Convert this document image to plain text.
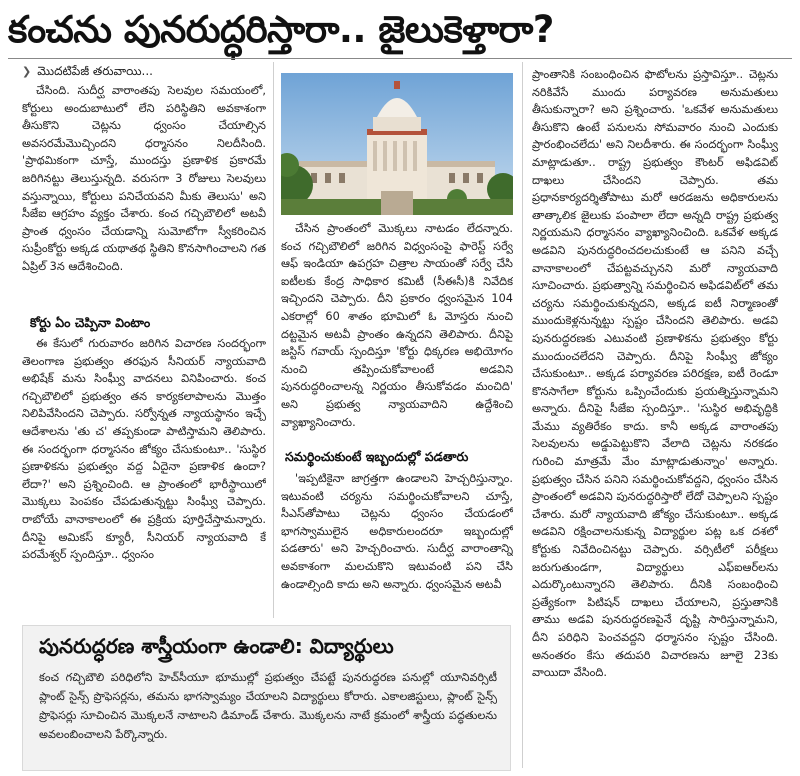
కంచను పునరుద్ధరిస్తారా.. జైలుకెళ్తారా?
❯ మొదటిపేజీ తరువాయి...

చేసింది. సుదీర్ఘ వారాంతపు సెలవుల సమయంలో, కోర్టులు అందుబాటులో లేని పరిస్థితిని అవకాశంగా తీసుకొని చెట్లను ధ్వంసం చేయాల్సిన అవసరమేమొచ్చిందని ధర్మాసనం నిలదీసింది. 'ప్రాథమికంగా చూస్తే, ముందస్తు ప్రణాళిక ప్రకారమే జరిగినట్టు తెలుస్తున్నది. వరుసగా 3 రోజులు సెలవులు వస్తున్నాయి, కోర్టులు పనిచేయవని మీకు తెలుసు' అని సీజేఐ ఆగ్రహం వ్యక్తం చేశారు. కంచ గచ్చిబౌలిలో అటవీ ప్రాంత ధ్వంసం చేయడాన్ని సుమోటోగా స్వీకరించిన సుప్రీంకోర్టు అక్కడ యథాతథ స్థితిని కొనసాగించాలని గత ఏప్రిల్ 3న ఆదేశించింది.

కోర్టు ఏం చెప్పినా వింటాం

ఈ కేసులో గురువారం జరిగిన విచారణ సందర్భంగా తెలంగాణ ప్రభుత్వం తరఫున సీనియర్ న్యాయవాది అభిషేక్ మను సింఘ్వీ వాదనలు వినిపించారు. కంచ గచ్చిబౌలిలో ప్రభుత్వం తన కార్యకలాపాలను మొత్తం నిలిపివేసిందని చెప్పారు. సర్వోన్నత న్యాయస్థానం ఇచ్చే ఆదేశాలను 'తు చ' తప్పకుండా పాటిస్తామని తెలిపారు. ఈ సందర్భంగా ధర్మాసనం జోక్యం చేసుకుంటూ.. 'సుస్థిర ప్రణాళికను ప్రభుత్వం వద్ద ఏదైనా ప్రణాళిక ఉందా? లేదా?' అని ప్రశ్నించింది. ఆ ప్రాంతంలో భారీస్థాయిలో మొక్కలు పెంపకం చేపడుతున్నట్టు సింఘ్వీ చెప్పారు. రాబోయే వానాకాలంలో ఈ ప్రక్రియ పూర్తిచేస్తామన్నారు. దీనిపై అమికస్ క్యూరీ, సీనియర్ న్యాయవాది కే పరమేశ్వర్ స్పందిస్తూ.. ధ్వంసం

చేసిన ప్రాంతంలో మొక్కలు నాటడం లేదన్నారు. కంచ గచ్చిబౌలిలో జరిగిన విధ్వంసంపై ఫారెస్ట్ సర్వే ఆఫ్ ఇండియా ఉపగ్రహ చిత్రాల సాయంతో సర్వే చేసి ఐటీలకు కేంద్ర సాధికార కమిటీ (సీఈసీ)కి నివేదిక ఇచ్చిందని చెప్పారు. దీని ప్రకారం ధ్వంసమైన 104 ఎకరాల్లో 60 శాతం భూమిలో ఓ మోస్తరు నుంచి దట్టమైన అటవీ ప్రాంతం ఉన్నదని తెలిపారు. దీనిపై జస్టిస్ గవాయ్ స్పందిస్తూ 'కోర్టు ధిక్కరణ అభియోగం నుంచి తప్పించుకోవాలంటే అడవిని పునరుద్ధరించాలన్న నిర్ణయం తీసుకోవడం మంచిది' అని ప్రభుత్వ న్యాయవాదిని ఉద్దేశించి వ్యాఖ్యానించారు.

సమర్థించుకుంటే ఇబ్బందుల్లో పడతారు

'ఇప్పటికైనా జాగ్రత్తగా ఉండాలని హెచ్చరిస్తున్నాం. ఇటువంటి చర్యను సమర్థించుకోవాలని చూస్తే, సీఎస్‌తోపాటు చెట్లను ధ్వంసం చేయడంలో భాగస్వాములైన అధికారులందరూ ఇబ్బందుల్లో పడతారు' అని హెచ్చరించారు. సుదీర్ఘ వారాంతాన్ని అవకాశంగా మలచుకొని ఇటువంటి పని చేసి ఉండాల్సింది కాదు అని అన్నారు. ధ్వంసమైన అటవీ

ప్రాంతానికి సంబంధించిన ఫొటోలను ప్రస్తావిస్తూ.. చెట్లను నరికివేసే ముందు పర్యావరణ అనుమతులు తీసుకున్నారా? అని ప్రశ్నించారు. 'ఒకవేళ అనుమతులు తీసుకొని ఉంటే పనులను సోమవారం నుంచి ఎందుకు ప్రారంభించలేదు' అని నిలదీశారు. ఈ సందర్భంగా సింఘ్వీ మాట్లాడుతూ.. రాష్ట్ర ప్రభుత్వం కౌంటర్ అఫిడవిట్ దాఖలు చేసిందని చెప్పారు. తమ ప్రధానకార్యదర్శితోపాటు మరో ఆరడజను అధికారులను తాత్కాలిక జైలుకు పంపాలా లేదా అన్నది రాష్ట్ర ప్రభుత్వ నిర్ణయమని ధర్మాసనం వ్యాఖ్యానించింది. ఒకవేళ అక్కడ అడవిని పునరుద్ధరించదలచుకుంటే ఆ పనిని వచ్చే వానాకాలంలో చేపట్టవచ్చునని మరో న్యాయవాది సూచించారు. ప్రభుత్వాన్ని సమర్థించిన అఫిడవిట్‌లో తమ చర్యను సమర్థించుకున్నదని, అక్కడ ఐటీ నిర్మాణంతో ముందుకెళ్లనున్నట్టు స్పష్టం చేసిందని తెలిపారు. అడవి పునరుద్ధరణకు ఎటువంటి ప్రణాళికను ప్రభుత్వం కోర్టు ముందుంచలేదని చెప్పారు. దీనిపై సింఘ్వీ జోక్యం చేసుకుంటూ.. అక్కడ పర్యావరణ పరిరక్షణ, ఐటీ రెండూ కొనసాగేలా కోర్టును ఒప్పించేందుకు ప్రయత్నిస్తున్నామని అన్నారు. దీనిపై సీజేఐ స్పందిస్తూ.. 'సుస్థిర అభివృద్ధికి మేము వ్యతిరేకం కాదు. కానీ అక్కడ వారాంతపు సెలవులను అడ్డుపెట్టుకొని వేలాది చెట్లను నరకడం గురించి మాత్రమే మేం మాట్లాడుతున్నాం' అన్నారు. ప్రభుత్వం చేసిన పనిని సమర్థించుకోవద్దని, ధ్వంసం చేసిన ప్రాంతంలో అడవిని పునరుద్ధరిస్తారో లేదో చెప్పాలని స్పష్టం చేశారు. మరో న్యాయవాది జోక్యం చేసుకుంటూ.. అక్కడ అడవిని రక్షించాలనుకున్న విద్యార్థుల పట్ల ఒక దశలో కోర్టుకు నివేదించినట్టు చెప్పారు. వర్సిటీలో పరీక్షలు జరుగుతుండగా, విద్యార్థులు ఎఫ్‌ఐఆర్‌లను ఎదుర్కొంటున్నారని తెలిపారు. దీనికి సంబంధించి ప్రత్యేకంగా పిటిషన్ దాఖలు చేయాలని, ప్రస్తుతానికి తాము అడవి పునరుద్ధరణపైనే దృష్టి సారిస్తున్నామని, దీని పరిధిని పెంచవద్దని ధర్మాసనం స్పష్టం చేసింది. అనంతరం కేసు తదుపరి విచారణను జూలై 23కు వాయిదా వేసింది.

పునరుద్ధరణ శాస్త్రీయంగా ఉండాలి: విద్యార్థులు
కంచ గచ్చిబౌలి పరిధిలోని హెచ్‌సీయూ భూముల్లో ప్రభుత్వం చేపట్టే పునరుద్ధరణ పనుల్లో యూనివర్సిటీ ప్లాంట్ సైన్స్ ప్రొఫెసర్లను, తమను భాగస్వామ్యం చేయాలని విద్యార్థులు కోరారు. ఎకాలజిస్టులు, ప్లాంట్ సైన్స్ ప్రొఫెసర్లు సూచించిన మొక్కలనే నాటాలని డిమాండ్ చేశారు. మొక్కలను నాటే క్రమంలో శాస్త్రీయ పద్ధతులను అవలంబించాలని పేర్కొన్నారు.
